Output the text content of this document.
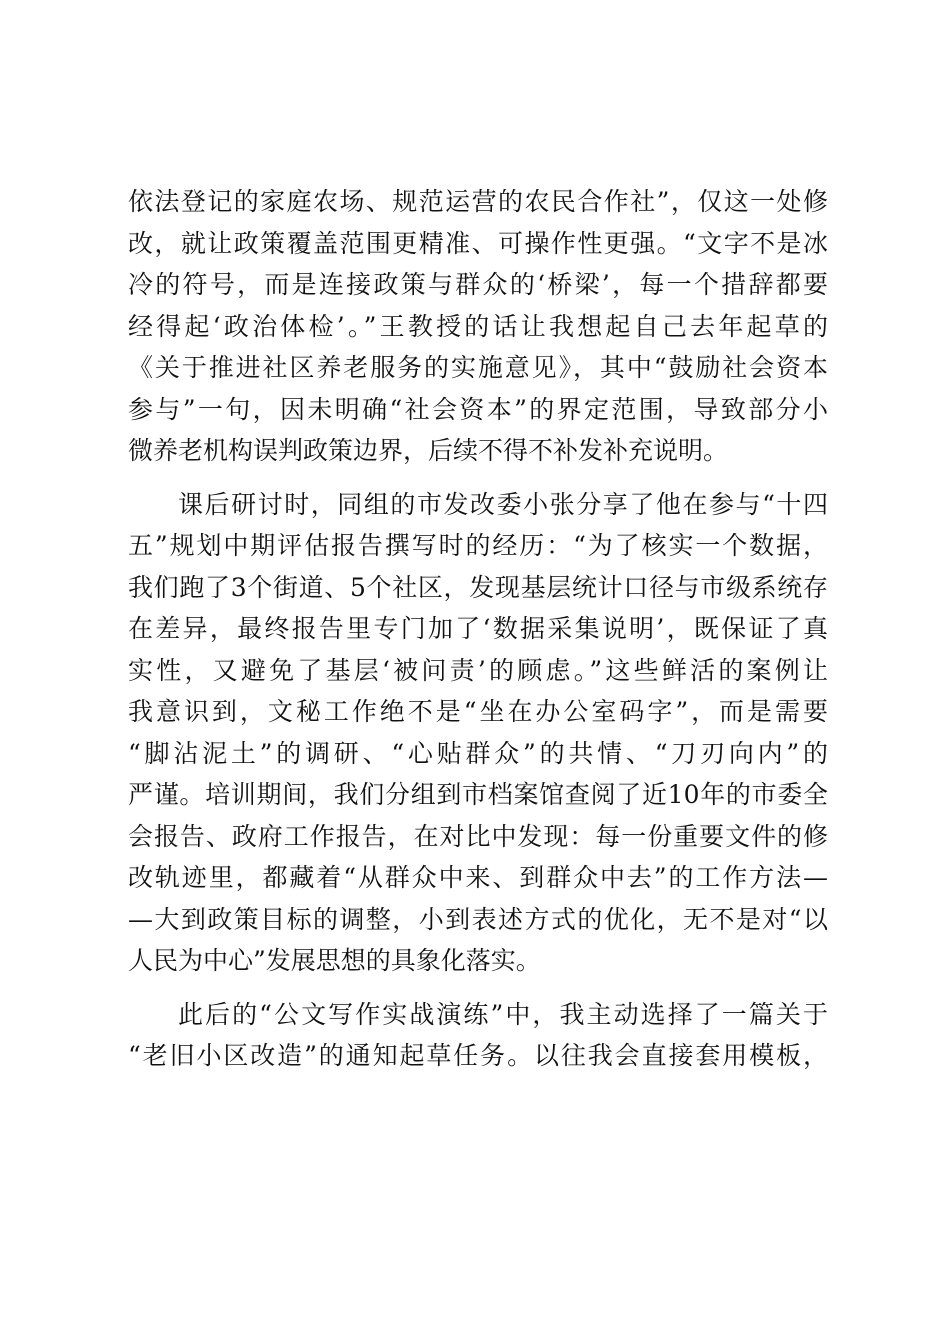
依法登记的家庭农场、规范运营的农民合作社”，仅这一处修
改，就让政策覆盖范围更精准、可操作性更强。“文字不是冰
冷的符号，而是连接政策与群众的‘桥梁’，每一个措辞都要
经得起‘政治体检’。”王教授的话让我想起自己去年起草的
《关于推进社区养老服务的实施意见》，其中“鼓励社会资本
参与”一句，因未明确“社会资本”的界定范围，导致部分小
微养老机构误判政策边界，后续不得不补发补充说明。
课后研讨时，同组的市发改委小张分享了他在参与“十四
五”规划中期评估报告撰写时的经历：“为了核实一个数据，
我们跑了3个街道、5个社区，发现基层统计口径与市级系统存
在差异，最终报告里专门加了‘数据采集说明’，既保证了真
实性，又避免了基层‘被问责’的顾虑。”这些鲜活的案例让
我意识到，文秘工作绝不是“坐在办公室码字”，而是需要
“脚沾泥土”的调研、“心贴群众”的共情、“刀刃向内”的
严谨。培训期间，我们分组到市档案馆查阅了近10年的市委全
会报告、政府工作报告，在对比中发现：每一份重要文件的修
改轨迹里，都藏着“从群众中来、到群众中去”的工作方法—
—大到政策目标的调整，小到表述方式的优化，无不是对“以
人民为中心”发展思想的具象化落实。
此后的“公文写作实战演练”中，我主动选择了一篇关于
“老旧小区改造”的通知起草任务。以往我会直接套用模板，
